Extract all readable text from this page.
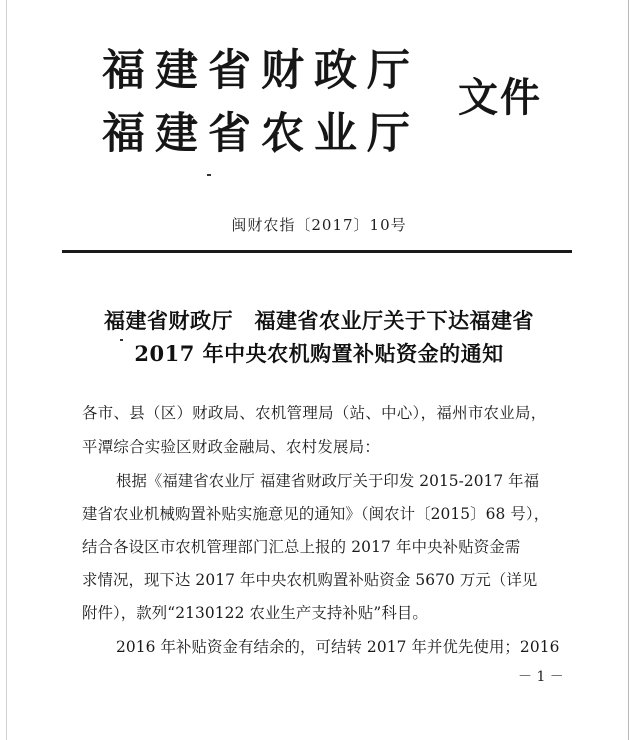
福建省财政厅
福建省农业厅
文件
闽财农指〔2017〕10号
福建省财政厅　福建省农业厅关于下达福建省
2017 年中央农机购置补贴资金的通知
各市、县（区）财政局、农机管理局（站、中心），福州市农业局，
平潭综合实验区财政金融局、农村发展局：
根据《福建省农业厅 福建省财政厅关于印发 2015-2017 年福
建省农业机械购置补贴实施意见的通知》（闽农计〔2015〕68 号），
结合各设区市农机管理部门汇总上报的 2017 年中央补贴资金需
求情况，现下达 2017 年中央农机购置补贴资金 5670 万元（详见
附件），款列“2130122 农业生产支持补贴”科目。
2016 年补贴资金有结余的，可结转 2017 年并优先使用；2016
－ 1 －
